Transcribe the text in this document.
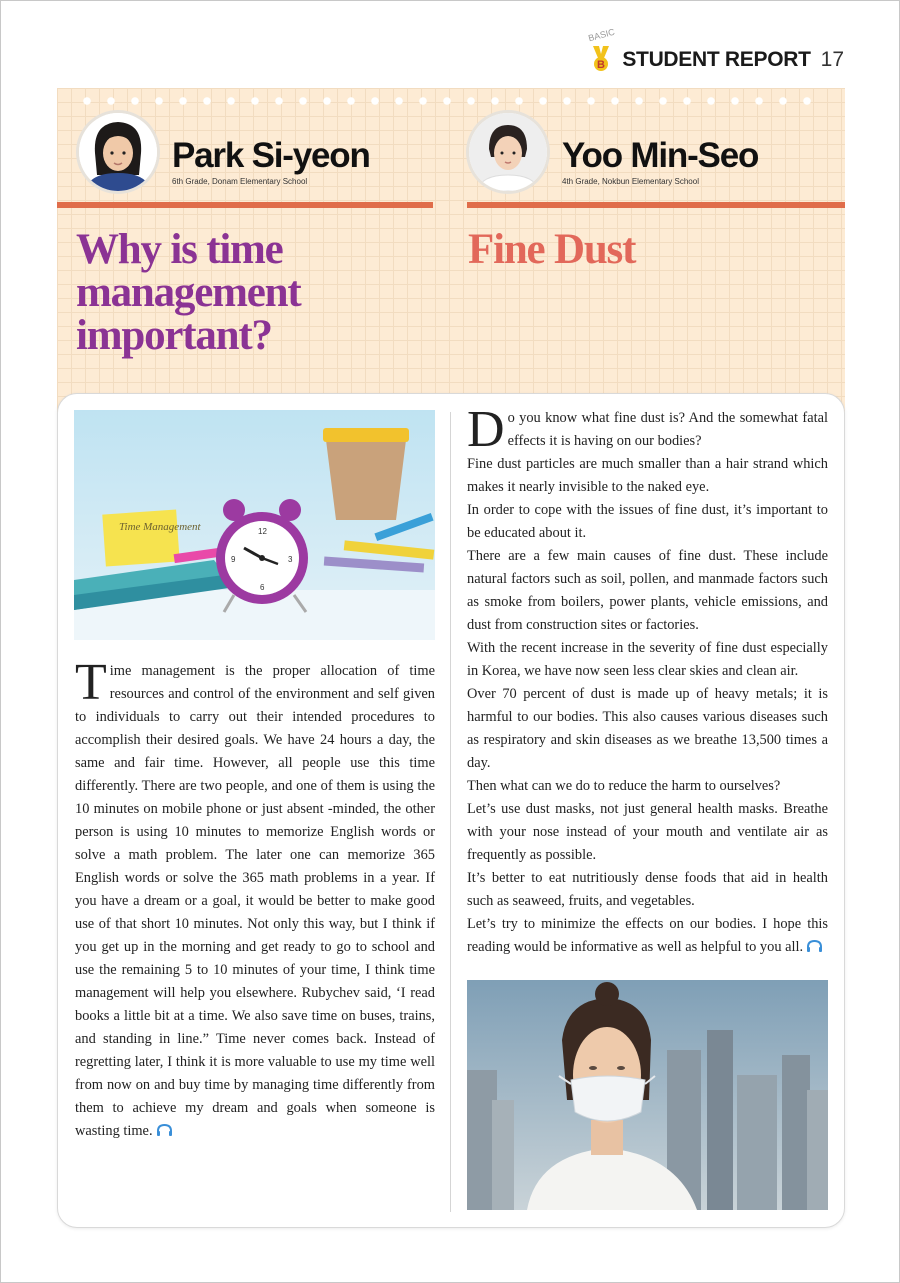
BASIC
B STUDENT REPORT 17
Park Si-yeon
6th Grade, Donam Elementary School
Yoo Min-Seo
4th Grade, Nokbun Elementary School
Why is time management important?
Fine Dust
Time Management	12
3
6
9

Time management is the proper allocation of time resources and control of the environment and self given to individuals to carry out their intended procedures to accomplish their desired goals. We have 24 hours a day, the same and fair time. However, all people use this time differently. There are two people, and one of them is using the 10 minutes on mobile phone or just absent -minded, the other person is using 10 minutes to memorize English words or solve a math problem. The later one can memorize 365 English words or solve the 365 math problems in a year. If you have a dream or a goal, it would be better to make good use of that short 10 minutes. Not only this way, but I think if you get up in the morning and get ready to go to school and use the remaining 5 to 10 minutes of your time, I think time management will help you elsewhere. Rubychev said, ‘I read books a little bit at a time. We also save time on buses, trains, and standing in line.” Time never comes back. Instead of regretting later, I think it is more valuable to use my time well from now on and buy time by managing time differently from them to achieve my dream and goals when someone is wasting time.

Do you know what fine dust is? And the somewhat fatal effects it is having on our bodies?

Fine dust particles are much smaller than a hair strand which makes it nearly invisible to the naked eye.

In order to cope with the issues of fine dust, it’s important to be educated about it.

There are a few main causes of fine dust. These include natural factors such as soil, pollen, and manmade factors such as smoke from boilers, power plants, vehicle emissions, and dust from construction sites or factories.

With the recent increase in the severity of fine dust especially in Korea, we have now seen less clear skies and clean air.

Over 70 percent of dust is made up of heavy metals; it is harmful to our bodies. This also causes various diseases such as respiratory and skin diseases as we breathe 13,500 times a day.

Then what can we do to reduce the harm to ourselves?

Let’s use dust masks, not just general health masks. Breathe with your nose instead of your mouth and ventilate air as frequently as possible.

It’s better to eat nutritiously dense foods that aid in health such as seaweed, fruits, and vegetables.

Let’s try to minimize the effects on our bodies. I hope this reading would be informative as well as helpful to you all.
